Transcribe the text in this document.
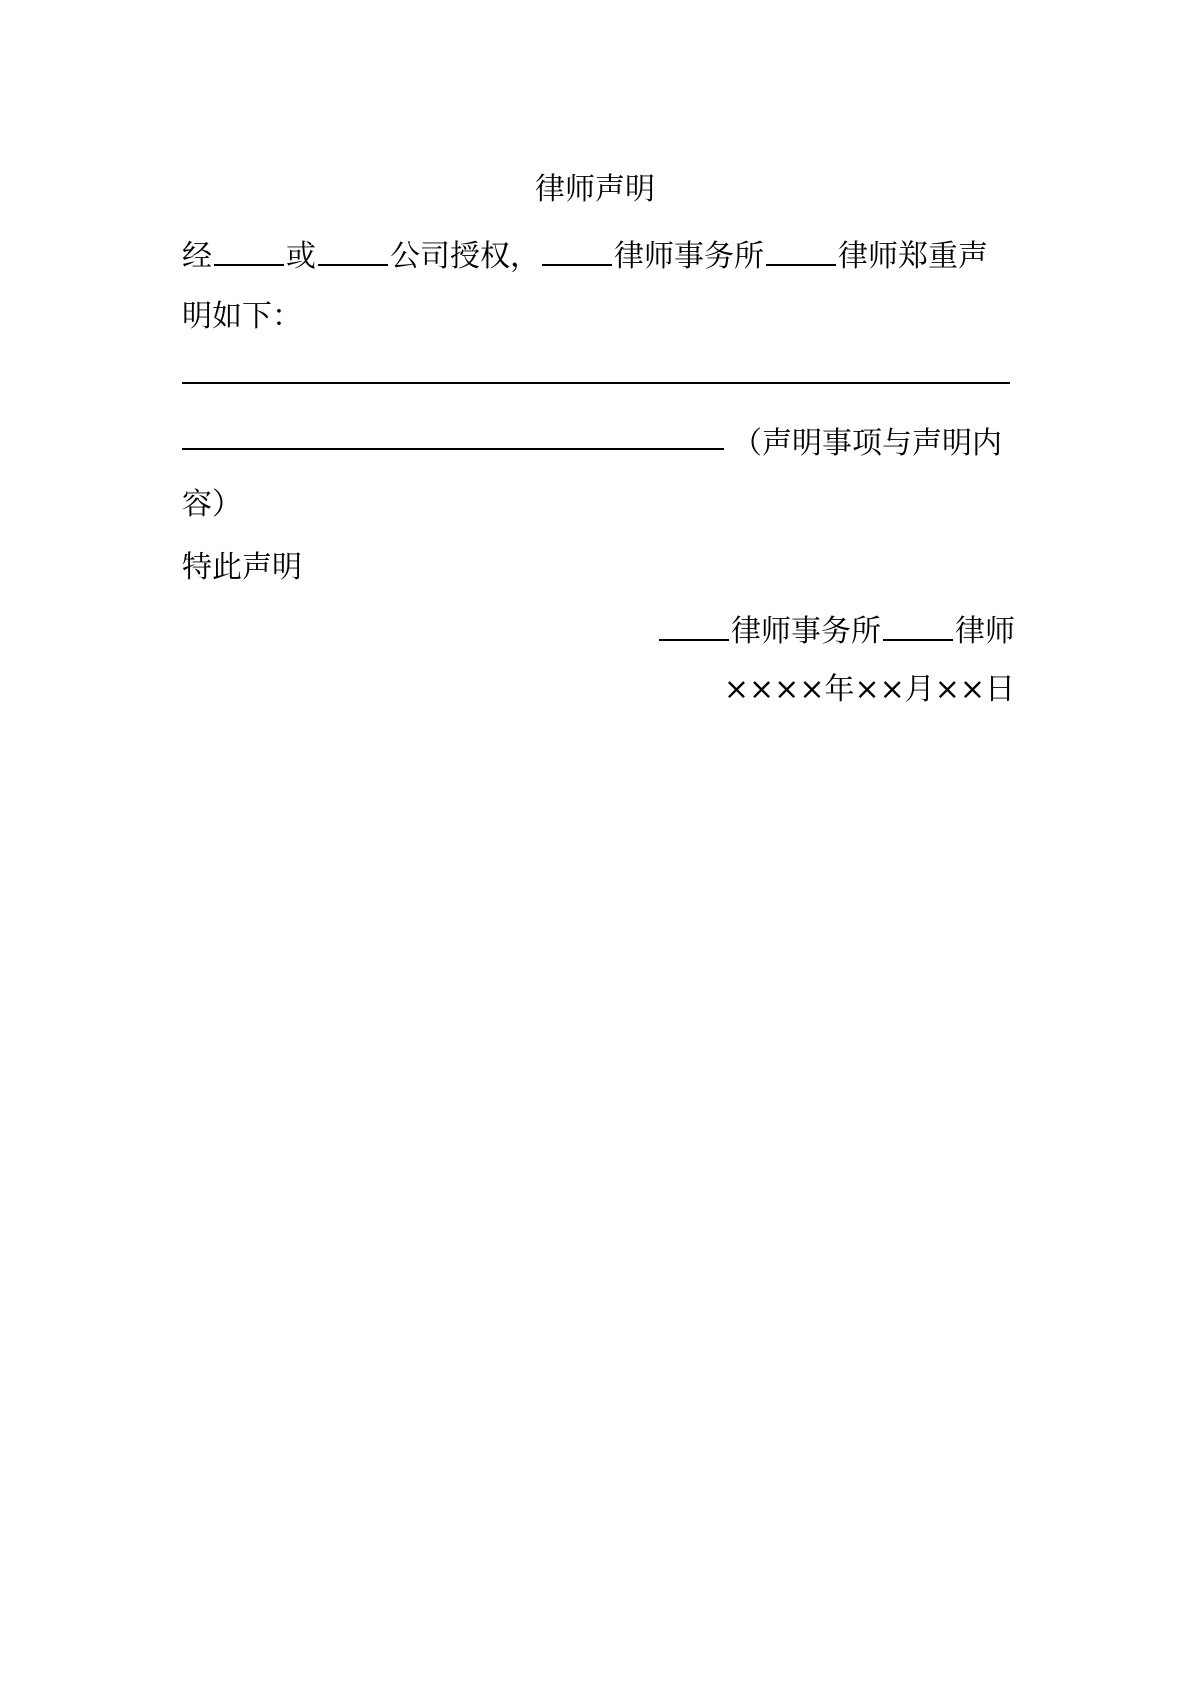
律师声明
经 或 公司授权， 律师事务所 律师郑重声
明如下：
（声明事项与声明内
容）
特此声明
律师事务所 律师
××××年××月××日
